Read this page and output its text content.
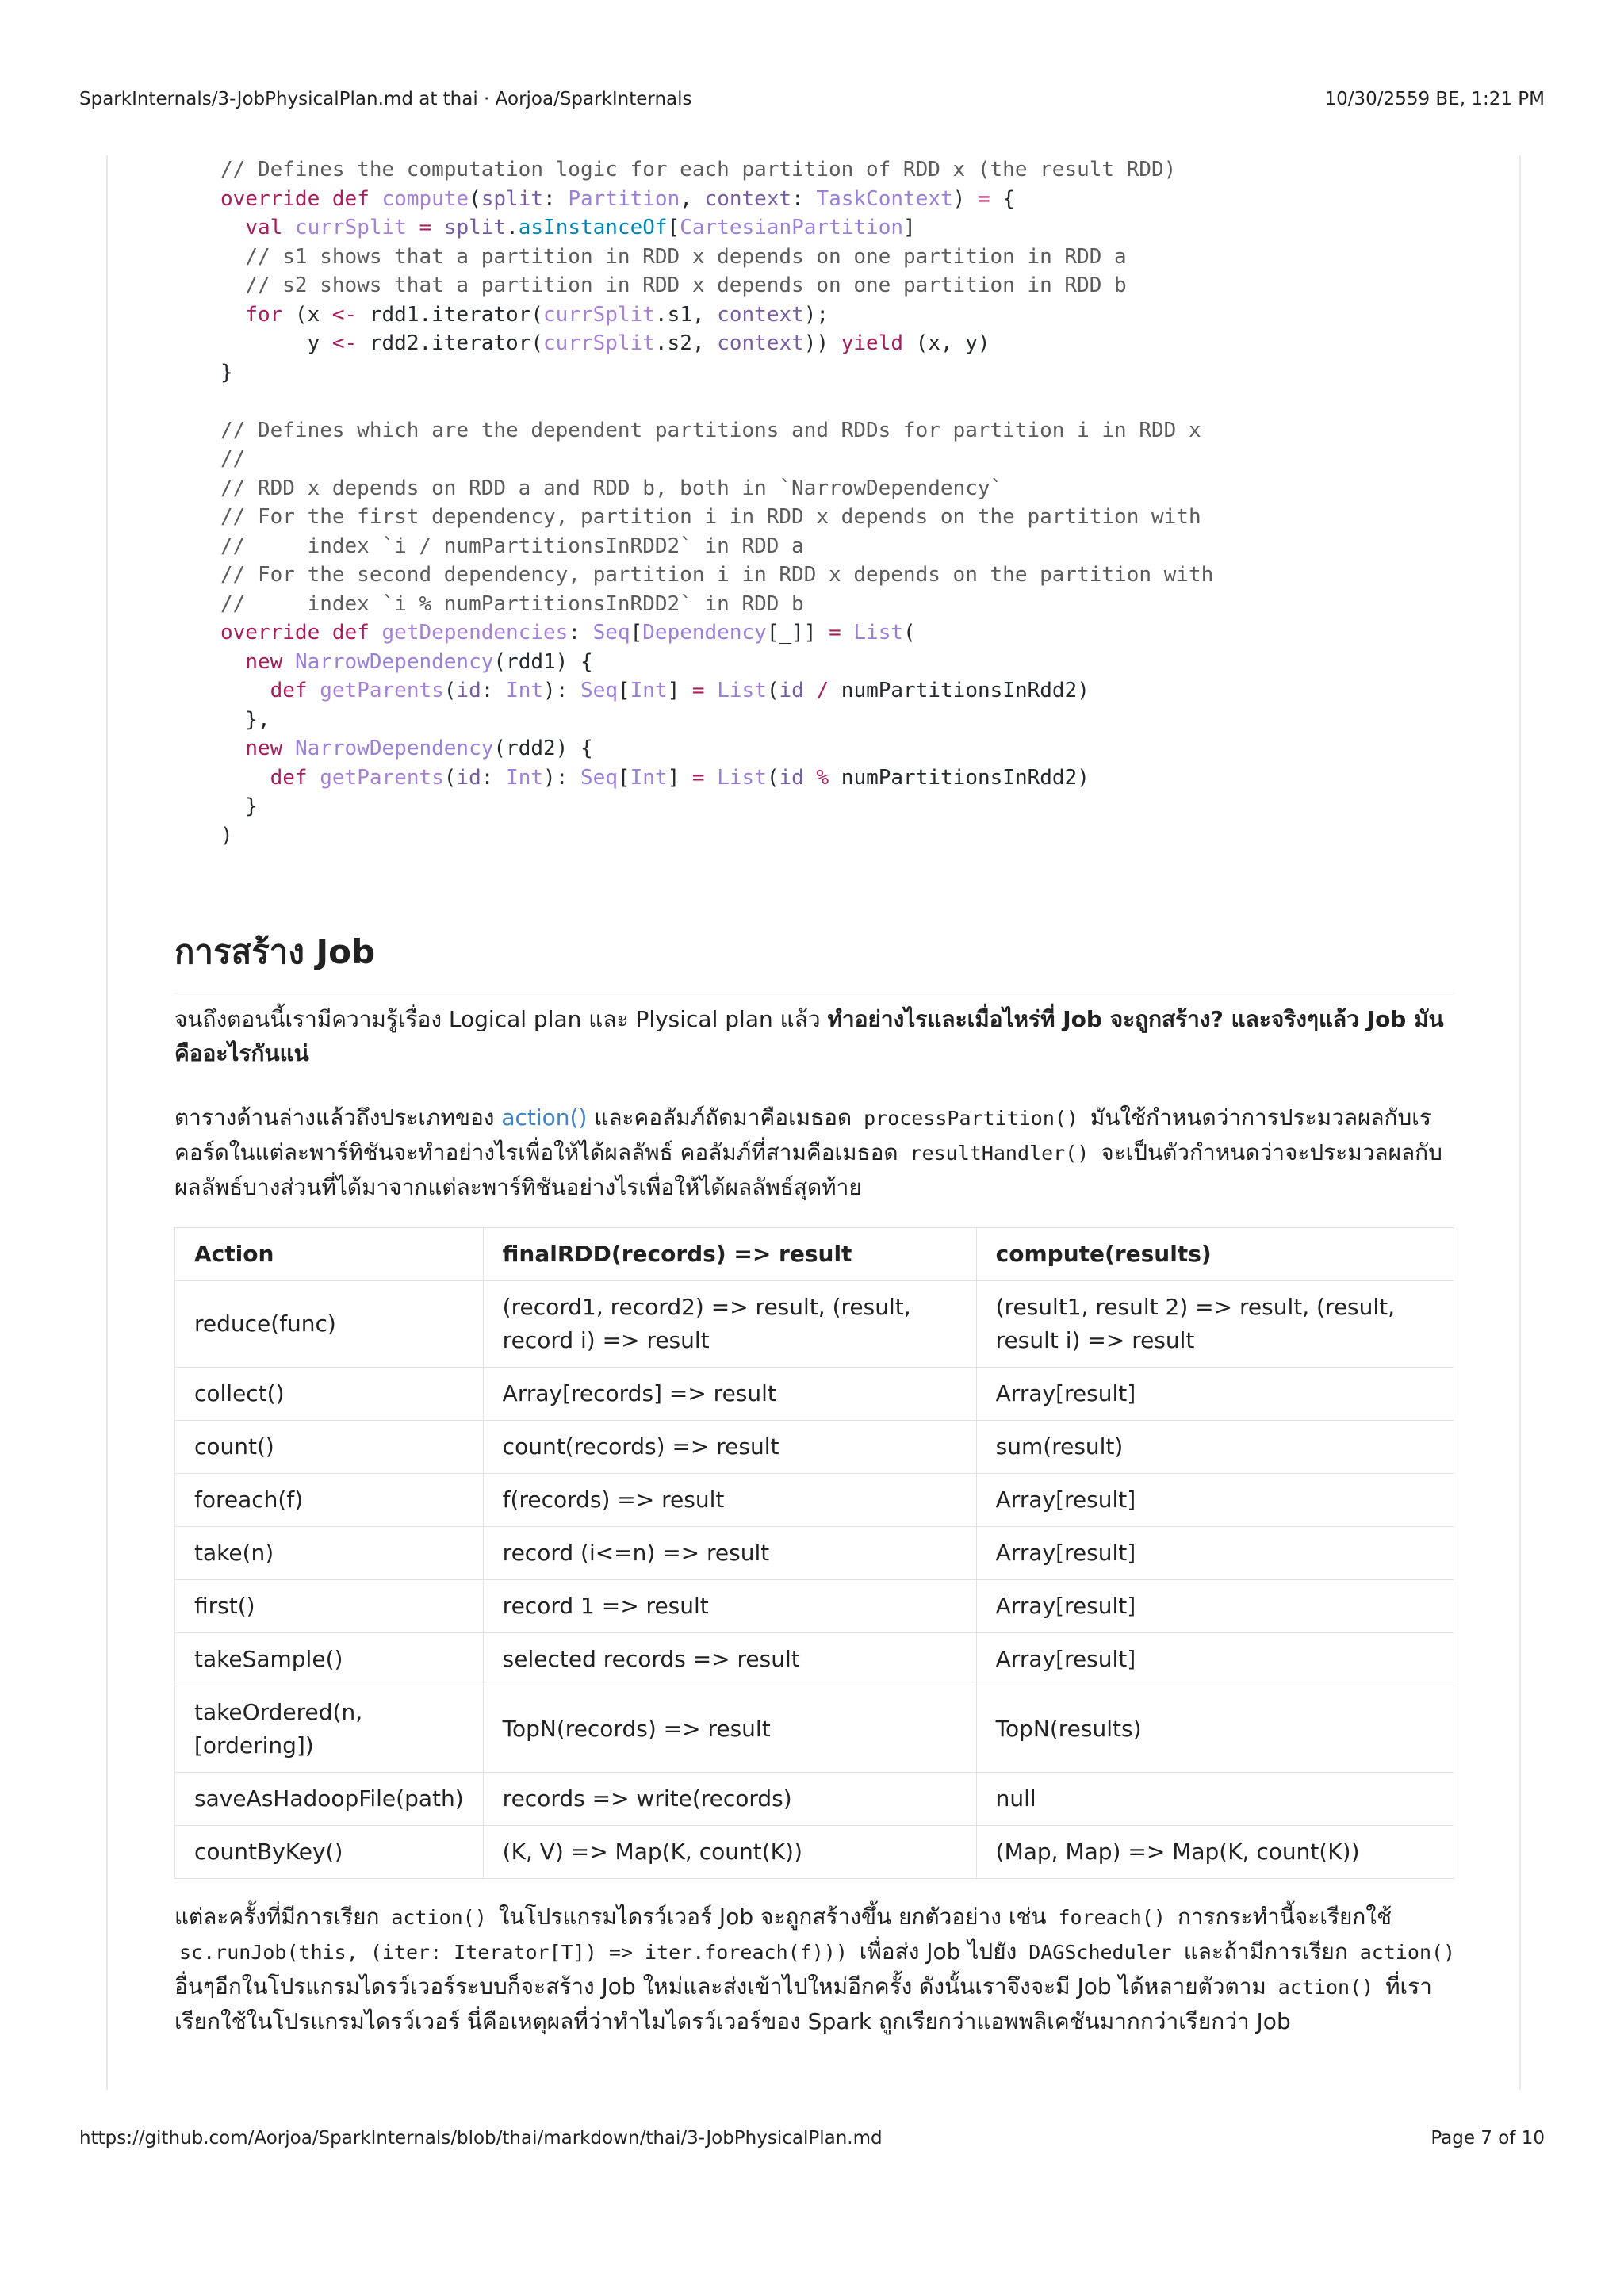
SparkInternals/3-JobPhysicalPlan.md at thai · Aorjoa/SparkInternals	10/30/2559 BE, 1:21 PM
// Defines the computation logic for each partition of RDD x (the result RDD)
override def compute(split: Partition, context: TaskContext) = {
val currSplit = split.asInstanceOf[CartesianPartition]
// s1 shows that a partition in RDD x depends on one partition in RDD a
// s2 shows that a partition in RDD x depends on one partition in RDD b
for (x <- rdd1.iterator(currSplit.s1, context);
y <- rdd2.iterator(currSplit.s2, context)) yield (x, y)
}

// Defines which are the dependent partitions and RDDs for partition i in RDD x
//
// RDD x depends on RDD a and RDD b, both in `NarrowDependency`
// For the first dependency, partition i in RDD x depends on the partition with
//     index `i / numPartitionsInRDD2` in RDD a
// For the second dependency, partition i in RDD x depends on the partition with
//     index `i % numPartitionsInRDD2` in RDD b
override def getDependencies: Seq[Dependency[_]] = List(
new NarrowDependency(rdd1) {
def getParents(id: Int): Seq[Int] = List(id / numPartitionsInRdd2)
},
new NarrowDependency(rdd2) {
def getParents(id: Int): Seq[Int] = List(id % numPartitionsInRdd2)
}
)
การสร้าง Job

จนถึงตอนนี้เรามีความรู้เรื่อง Logical plan และ Plysical plan แล้ว ทำอย่างไรและเมื่อไหร่ที่ Job จะถูกสร้าง? และจริงๆแล้ว Job มันคืออะไรกันแน่

ตารางด้านล่างแล้วถึงประเภทของ action() และคอลัมภ์ถัดมาคือเมธอด processPartition() มันใช้กำหนดว่าการประมวลผลกับเรคอร์ดในแต่ละพาร์ทิชันจะทำอย่างไรเพื่อให้ได้ผลลัพธ์ คอลัมภ์ที่สามคือเมธอด resultHandler() จะเป็นตัวกำหนดว่าจะประมวลผลกับผลลัพธ์บางส่วนที่ได้มาจากแต่ละพาร์ทิชันอย่างไรเพื่อให้ได้ผลลัพธ์สุดท้าย

Action	finalRDD(records) => result	compute(results)
reduce(func)	(record1, record2) => result, (result, record i) => result	(result1, result 2) => result, (result, result i) => result
collect()	Array[records] => result	Array[result]
count()	count(records) => result	sum(result)
foreach(f)	f(records) => result	Array[result]
take(n)	record (i<=n) => result	Array[result]
first()	record 1 => result	Array[result]
takeSample()	selected records => result	Array[result]
takeOrdered(n, [ordering])	TopN(records) => result	TopN(results)
saveAsHadoopFile(path)	records => write(records)	null
countByKey()	(K, V) => Map(K, count(K))	(Map, Map) => Map(K, count(K))

แต่ละครั้งที่มีการเรียก action() ในโปรแกรมไดรว์เวอร์ Job จะถูกสร้างขึ้น ยกตัวอย่าง เช่น foreach() การกระทำนี้จะเรียกใช้ sc.runJob(this, (iter: Iterator[T]) => iter.foreach(f))) เพื่อส่ง Job ไปยัง DAGScheduler และถ้ามีการเรียก action() อื่นๆอีกในโปรแกรมไดรว์เวอร์ระบบก็จะสร้าง Job ใหม่และส่งเข้าไปใหม่อีกครั้ง ดังนั้นเราจึงจะมี Job ได้หลายตัวตาม action() ที่เราเรียกใช้ในโปรแกรมไดรว์เวอร์ นี่คือเหตุผลที่ว่าทำไมไดรว์เวอร์ของ Spark ถูกเรียกว่าแอพพลิเคชันมากกว่าเรียกว่า Job

https://github.com/Aorjoa/SparkInternals/blob/thai/markdown/thai/3-JobPhysicalPlan.md	Page 7 of 10
